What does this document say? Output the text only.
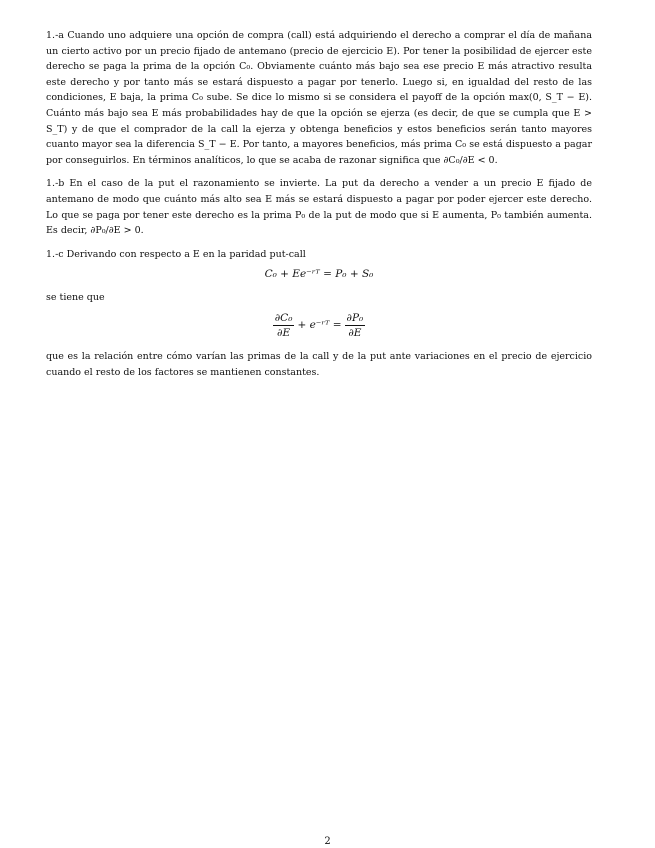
1.-a Cuando uno adquiere una opción de compra (call) está adquiriendo el derecho a comprar el día de mañana un cierto activo por un precio fijado de antemano (precio de ejercicio E). Por tener la posibilidad de ejercer este derecho se paga la prima de la opción C₀. Obviamente cuánto más bajo sea ese precio E más atractivo resulta este derecho y por tanto más se estará dispuesto a pagar por tenerlo. Luego si, en igualdad del resto de las condiciones, E baja, la prima C₀ sube. Se dice lo mismo si se considera el payoff de la opción max(0, S_T − E). Cuánto más bajo sea E más probabilidades hay de que la opción se ejerza (es decir, de que se cumpla que E > S_T) y de que el comprador de la call la ejerza y obtenga beneficios y estos beneficios serán tanto mayores cuanto mayor sea la diferencia S_T − E. Por tanto, a mayores beneficios, más prima C₀ se está dispuesto a pagar por conseguirlos. En términos analíticos, lo que se acaba de razonar significa que ∂C₀/∂E < 0.

1.-b En el caso de la put el razonamiento se invierte. La put da derecho a vender a un precio E fijado de antemano de modo que cuánto más alto sea E más se estará dispuesto a pagar por poder ejercer este derecho. Lo que se paga por tener este derecho es la prima P₀ de la put de modo que si E aumenta, P₀ también aumenta. Es decir, ∂P₀/∂E > 0.

1.-c Derivando con respecto a E en la paridad put-call

C₀ + Ee⁻ʳᵀ = P₀ + S₀

se tiene que

$\frac{\text{∂C₀}}{\partial E}$ + e⁻ʳᵀ = $\frac{\text{∂P₀}}{\partial E}$

que es la relación entre cómo varían las primas de la call y de la put ante variaciones en el precio de ejercicio cuando el resto de los factores se mantienen constantes.

2
